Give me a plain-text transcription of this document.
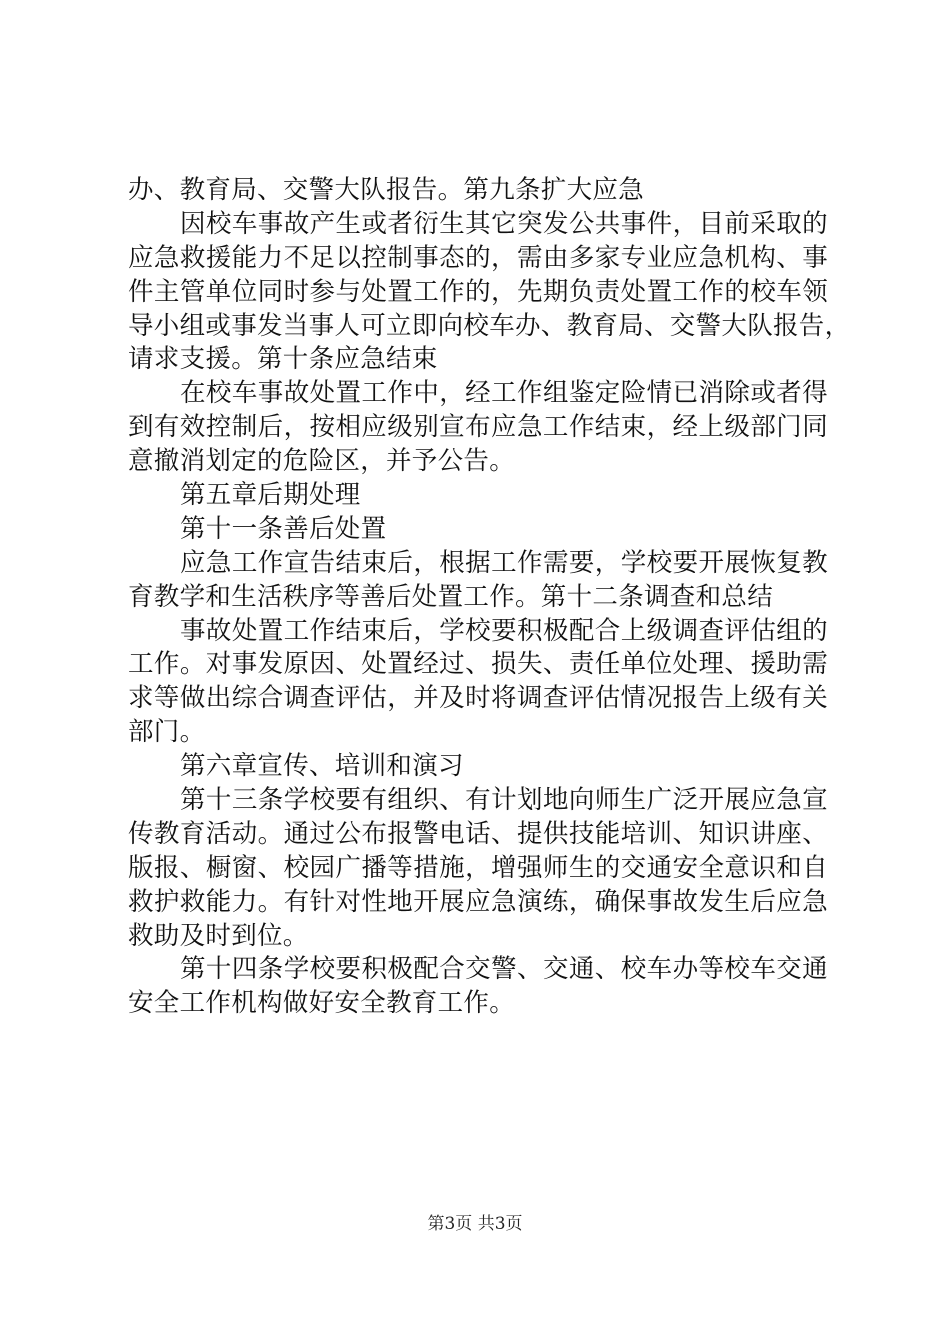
办、教育局、交警大队报告。第九条扩大应急
因校车事故产生或者衍生其它突发公共事件，目前采取的
应急救援能力不足以控制事态的，需由多家专业应急机构、事
件主管单位同时参与处置工作的，先期负责处置工作的校车领
导小组或事发当事人可立即向校车办、教育局、交警大队报告，
请求支援。第十条应急结束
在校车事故处置工作中，经工作组鉴定险情已消除或者得
到有效控制后，按相应级别宣布应急工作结束，经上级部门同
意撤消划定的危险区，并予公告。
第五章后期处理
第十一条善后处置
应急工作宣告结束后，根据工作需要，学校要开展恢复教
育教学和生活秩序等善后处置工作。第十二条调查和总结
事故处置工作结束后，学校要积极配合上级调查评估组的
工作。对事发原因、处置经过、损失、责任单位处理、援助需
求等做出综合调查评估，并及时将调查评估情况报告上级有关
部门。
第六章宣传、培训和演习
第十三条学校要有组织、有计划地向师生广泛开展应急宣
传教育活动。通过公布报警电话、提供技能培训、知识讲座、
版报、橱窗、校园广播等措施，增强师生的交通安全意识和自
救护救能力。有针对性地开展应急演练，确保事故发生后应急
救助及时到位。
第十四条学校要积极配合交警、交通、校车办等校车交通
安全工作机构做好安全教育工作。
第3页 共3页
